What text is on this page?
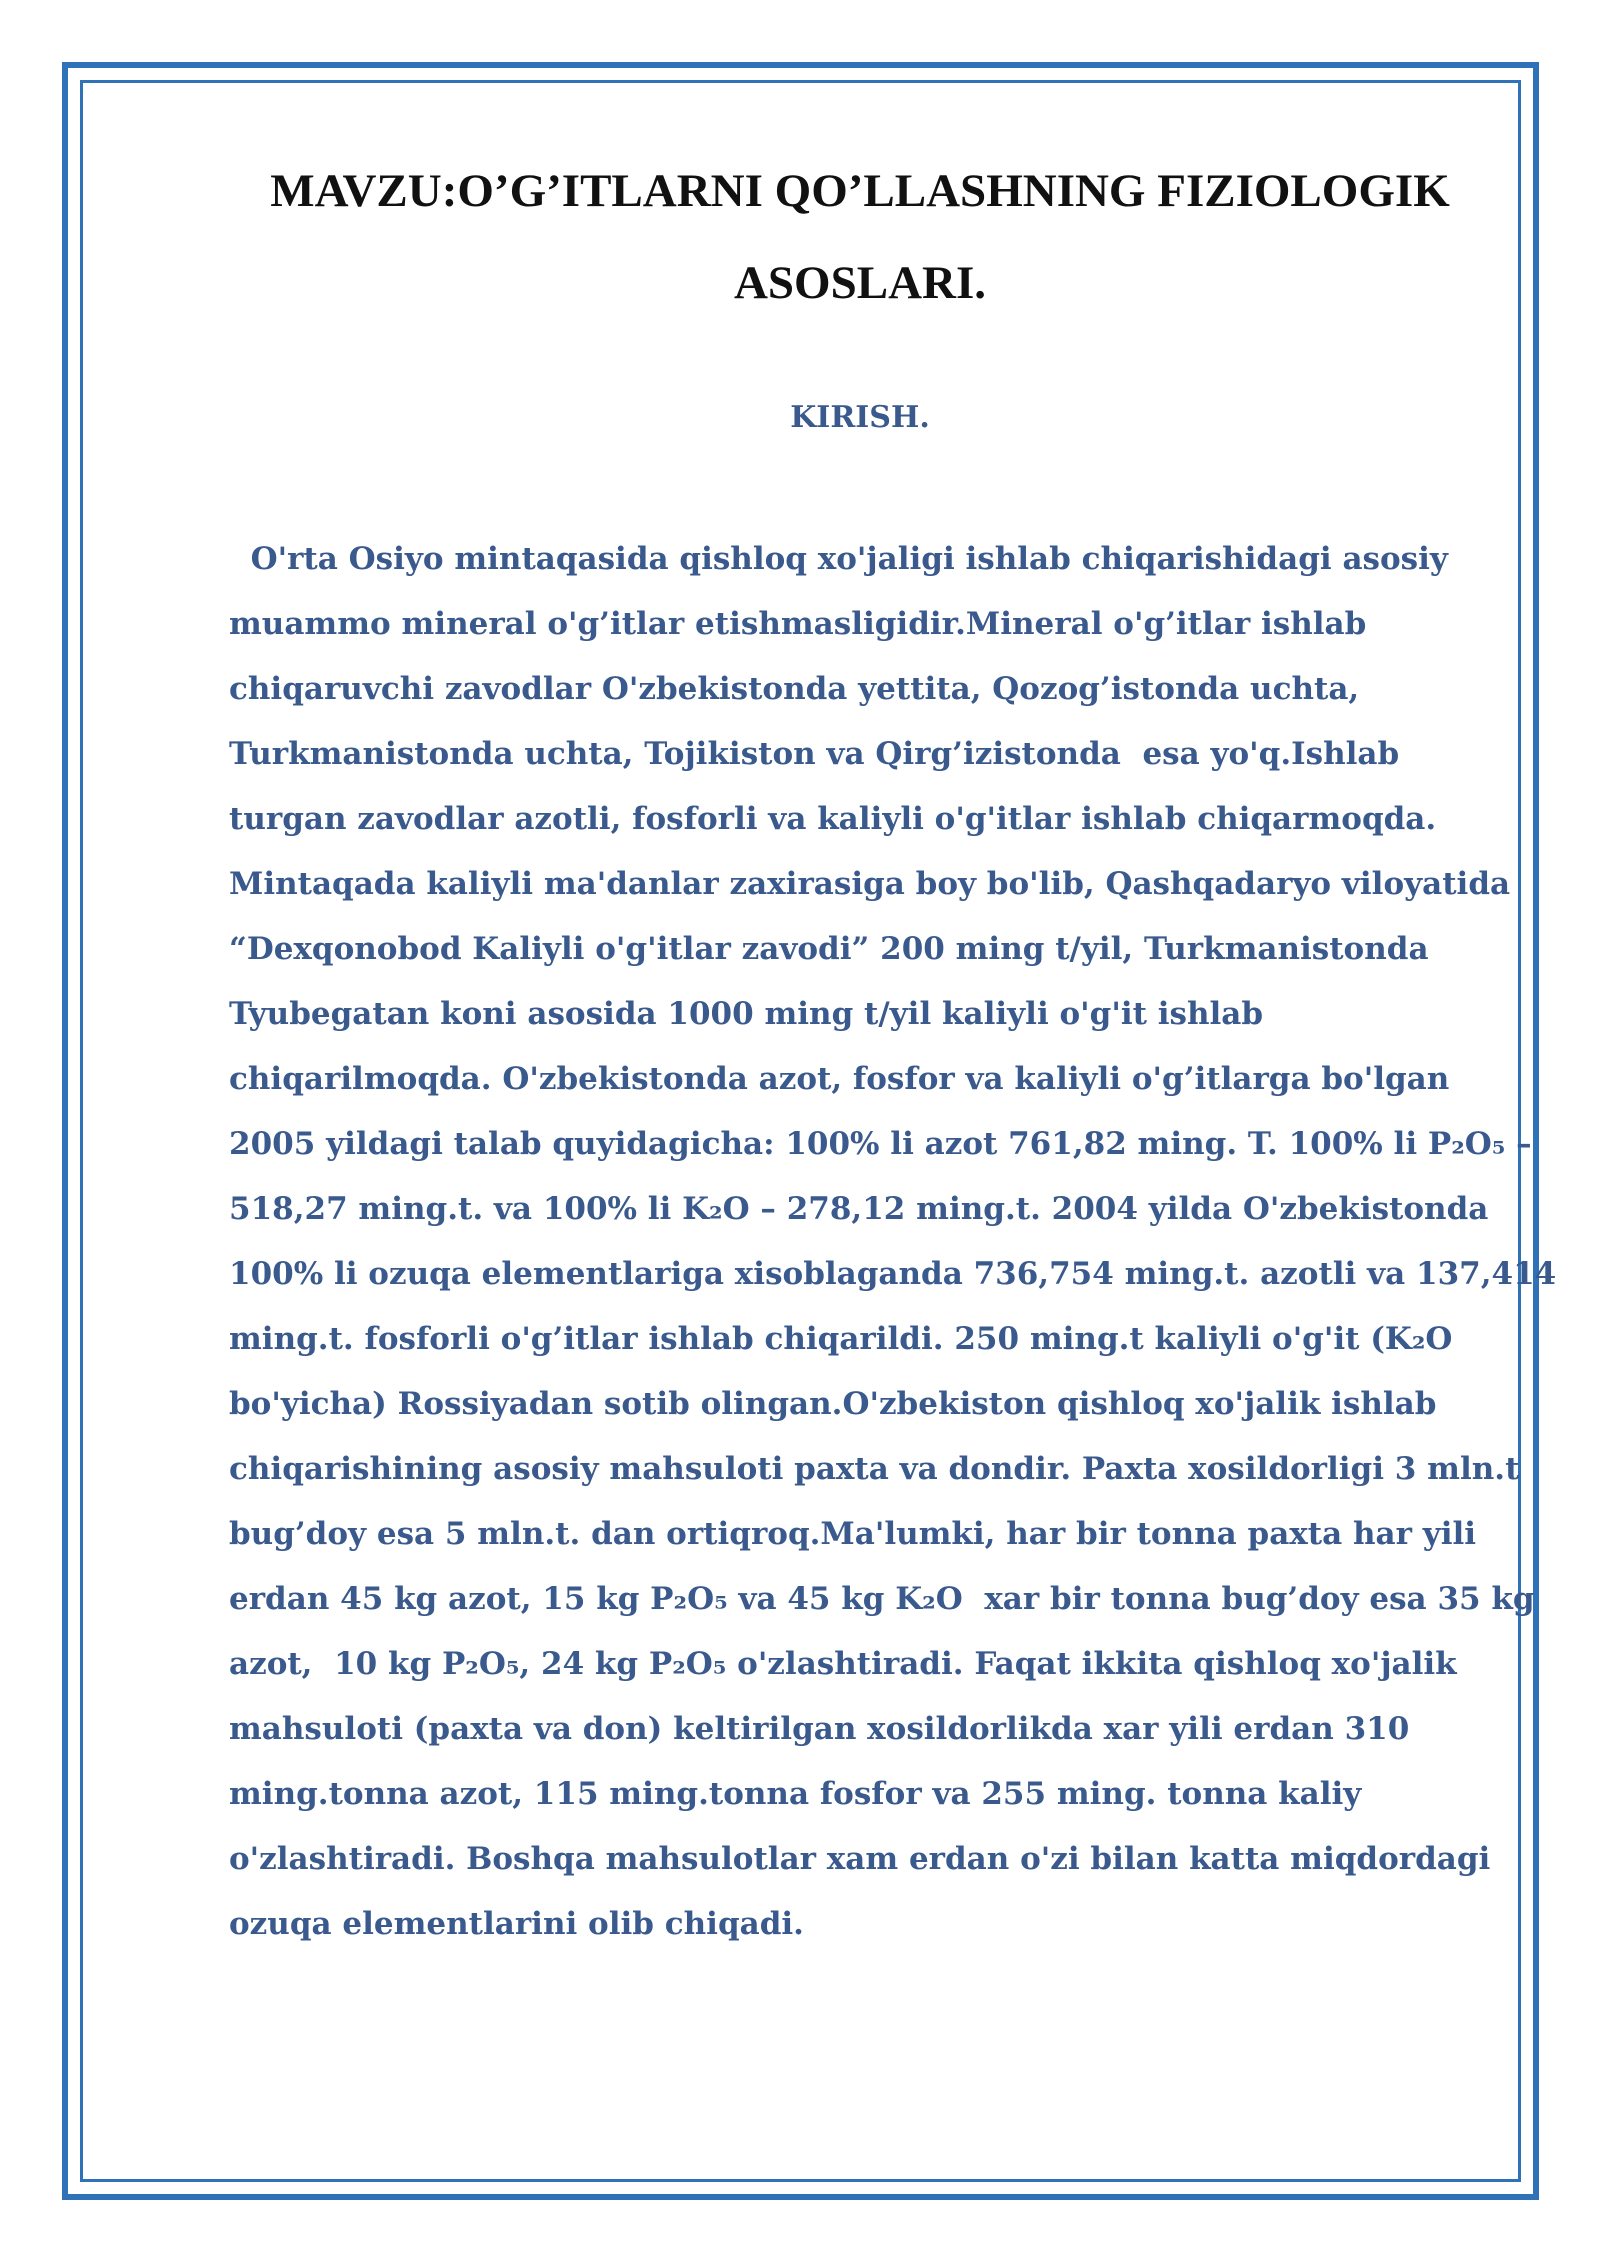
MAVZU:O’G’ITLARNI QO’LLASHNING FIZIOLOGIK
ASOSLARI.
KIRISH.
O'rta Osiyo mintaqasida qishloq xo'jaligi ishlab chiqarishidagi asosiy
muammo mineral o'g’itlar etishmasligidir.Mineral o'g’itlar ishlab
chiqaruvchi zavodlar O'zbekistonda yettita, Qozog’istonda uchta,
Turkmanistonda uchta, Tojikiston va Qirg’izistonda  esa yo'q.Ishlab
turgan zavodlar azotli, fosforli va kaliyli o'g'itlar ishlab chiqarmoqda.
Mintaqada kaliyli ma'danlar zaxirasiga boy bo'lib, Qashqadaryo viloyatida
“Dexqonobod Kaliyli o'g'itlar zavodi” 200 ming t/yil, Turkmanistonda
Tyubegatan koni asosida 1000 ming t/yil kaliyli o'g'it ishlab
chiqarilmoqda. O'zbekistonda azot, fosfor va kaliyli o'g’itlarga bo'lgan
2005 yildagi talab quyidagicha: 100% li azot 761,82 ming. T. 100% li P₂O₅ –
518,27 ming.t. va 100% li K₂O – 278,12 ming.t. 2004 yilda O'zbekistonda
100% li ozuqa elementlariga xisoblaganda 736,754 ming.t. azotli va 137,414
ming.t. fosforli o'g’itlar ishlab chiqarildi. 250 ming.t kaliyli o'g'it (K₂O
bo'yicha) Rossiyadan sotib olingan.O'zbekiston qishloq xo'jalik ishlab
chiqarishining asosiy mahsuloti paxta va dondir. Paxta xosildorligi 3 mln.t
bug’doy esa 5 mln.t. dan ortiqroq.Ma'lumki, har bir tonna paxta har yili
erdan 45 kg azot, 15 kg P₂O₅ va 45 kg K₂O  xar bir tonna bug’doy esa 35 kg
azot,  10 kg P₂O₅, 24 kg P₂O₅ o'zlashtiradi. Faqat ikkita qishloq xo'jalik
mahsuloti (paxta va don) keltirilgan xosildorlikda xar yili erdan 310
ming.tonna azot, 115 ming.tonna fosfor va 255 ming. tonna kaliy
o'zlashtiradi. Boshqa mahsulotlar xam erdan o'zi bilan katta miqdordagi
ozuqa elementlarini olib chiqadi.
